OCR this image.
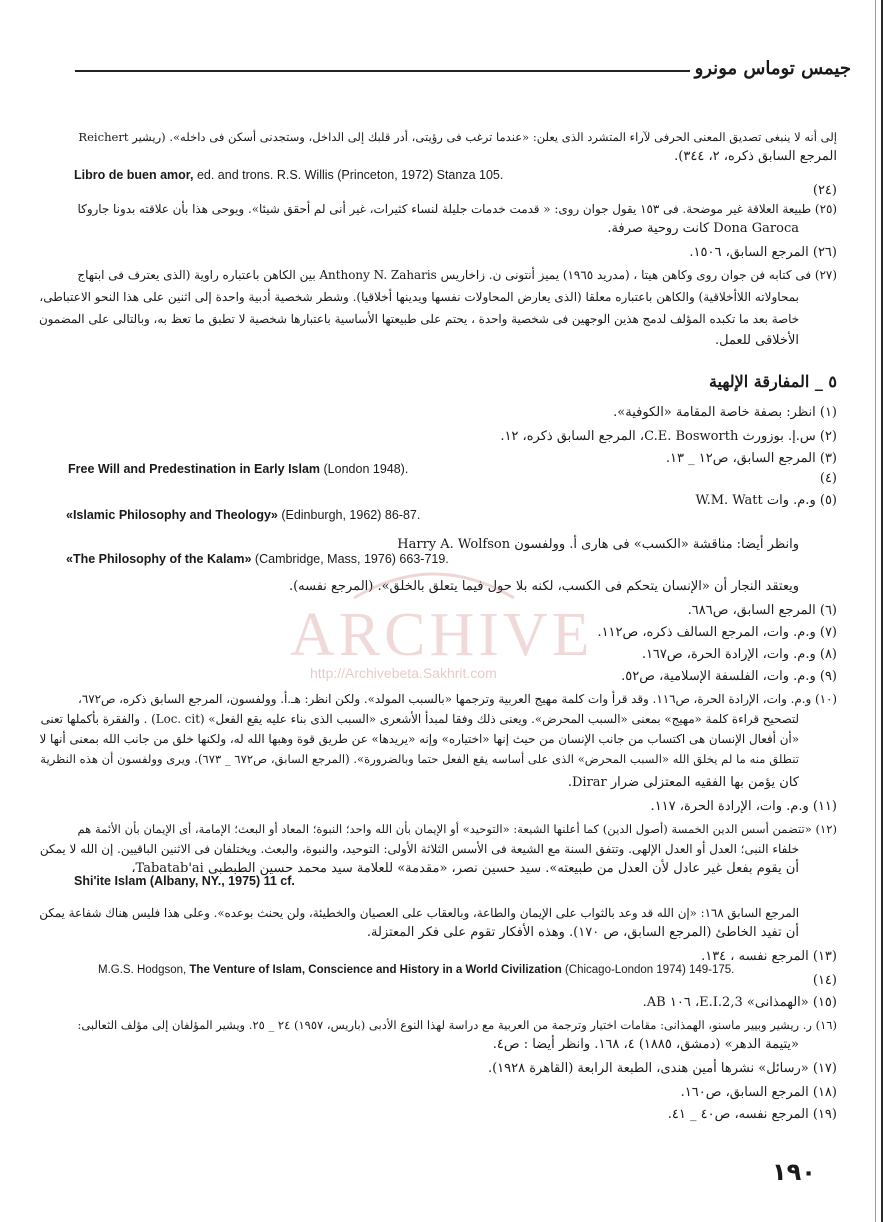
جيمس توماس مونرو
إلى أنه لا ينبغى تصديق المعنى الحرفى لآراء المتشرد الذى يعلن: «عندما ترغب فى رؤيتى، أدر قلبك إلى الداخل، وستجدنى أسكن فى داخله». (ريشير Reichert
المرجع السابق ذكره، ٢، ٣٤٤).
Libro de buen amor, ed. and trons. R.S. Willis (Princeton, 1972) Stanza 105.
(٢٤)
(٢٥) طبيعة العلاقة غير موضحة. فى ١٥٣ يقول جوان روى: « قدمت خدمات جليلة لنساء كثيرات، غير أنى لم أحقق شيئا». ويوحى هذا بأن علاقته بدونا جاروكا
Dona Garoca كانت روحية صرفة.
(٢٦) المرجع السابق، ١٥٠٦.
(٢٧) فى كتابه فن جوان روى وكاهن هيتا ، (مدريد ١٩٦٥) يميز أنتونى ن. زاخاريس Anthony N. Zaharis بين الكاهن باعتباره راوية (الذى يعترف فى ابتهاج
بمحاولاته اللاأخلاقية) والكاهن باعتباره معلقا (الذى يعارض المحاولات نفسها ويدينها أخلاقيا). وشطر شخصية أدبية واحدة إلى اثنين على هذا النحو الاعتباطى،
خاصة بعد ما تكبده المؤلف لدمج هذين الوجهين فى شخصية واحدة ، يحتم على طبيعتها الأساسية باعتبارها شخصية لا تطبق ما تعظ به، وبالتالى على المضمون
الأخلاقى للعمل.
٥ _ المفارقة الإلهية
(١) انظر: بصفة خاصة المقامة «الكوفية».
(٢) س.إ. بوزورث C.E. Bosworth، المرجع السابق ذكره، ١٢.
(٣) المرجع السابق، ص١٢ _ ١٣.
Free Will and Predestination in Early Islam (London 1948).
(٤)
(٥) و.م. وات W.M. Watt
«Islamic Philosophy and Theology» (Edinburgh, 1962) 86-87.
وانظر أيضا: مناقشة «الكسب» فى هارى أ. وولفسون Harry A. Wolfson
«The Philosophy of the Kalam» (Cambridge, Mass, 1976) 663-719.
ويعتقد النجار أن «الإنسان يتحكم فى الكسب، لكنه بلا حول فيما يتعلق بالخلق». (المرجع نفسه).
ARCHIVE
http://Archivebeta.Sakhrit.com
(٦) المرجع السابق، ص٦٨٦.
(٧) و.م. وات، المرجع السالف ذكره، ص١١٢.
(٨) و.م. وات، الإرادة الحرة، ص١٦٧.
(٩) و.م. وات، الفلسفة الإسلامية، ص٥٢.
(١٠) و.م. وات، الإرادة الحرة، ص١١٦. وقد قرأ وات كلمة مهيج العربية وترجمها «بالسبب المولد». ولكن انظر: هـ.أ. وولفسون، المرجع السابق ذكره، ص٦٧٢،
لتصحيح قراءة كلمة «مهيج» بمعنى «السبب المحرض». ويعنى ذلك وفقا لمبدأ الأشعرى «السبب الذى بناء عليه يقع الفعل» (Loc. cit) . والفقرة بأكملها تعنى
«أن أفعال الإنسان هى اكتساب من جانب الإنسان من حيث إنها «اختياره» وإنه «يريدها» عن طريق قوة وهبها الله له، ولكنها خلق من جانب الله بمعنى أنها لا
تنطلق منه ما لم يخلق الله «السبب المحرض» الذى على أساسه يقع الفعل حتما وبالضرورة». (المرجع السابق، ص٦٧٢ _ ٦٧٣). ويرى وولفسون أن هذه النظرية
كان يؤمن بها الفقيه المعتزلى ضرار Dirar.
(١١) و.م. وات، الإرادة الحرة، ١١٧.
(١٢) «تتضمن أسس الدين الخمسة (أصول الدين) كما أعلنها الشيعة: «التوحيد» أو الإيمان بأن الله واحد؛ النبوة؛ المعاد أو البعث؛ الإمامة، أى الإيمان بأن الأئمة هم
خلفاء النبى؛ العدل أو العدل الإلهى. وتتفق السنة مع الشيعة فى الأسس الثلاثة الأولى: التوحيد، والنبوة، والبعث. ويختلفان فى الاثنين الباقيين. إن الله لا يمكن
أن يقوم بفعل غير عادل لأن العدل من طبيعته». سيد حسين نصر، «مقدمة» للعلامة سيد محمد حسين الطبطبى Tabatab'ai،
Shi'ite Islam (Albany, NY., 1975) 11 cf.
المرجع السابق ١٦٨: «إن الله قد وعد بالثواب على الإيمان والطاعة، وبالعقاب على العصيان والخطيئة، ولن يحنث بوعده». وعلى هذا فليس هناك شفاعة يمكن
أن تفيد الخاطئ (المرجع السابق، ص ١٧٠). وهذه الأفكار تقوم على فكر المعتزلة.
(١٣) المرجع نفسه ، ١٣٤.
M.G.S. Hodgson, The Venture of Islam, Conscience and History in a World Civilization (Chicago-London 1974) 149-175.
(١٤)
(١٥) «الهمذانى» E.I.2,3، ١٠٦ AB.
(١٦) ر. ريشير وبيير ماسنو، الهمذانى: مقامات اختيار وترجمة من العربية مع دراسة لهذا النوع الأدبى (باريس، ١٩٥٧) ٢٤ _ ٢٥. ويشير المؤلفان إلى مؤلف الثعالبى:
«يتيمة الدهر» (دمشق، ١٨٨٥) ٤، ١٦٨. وانظر أيضا : ص٤.
(١٧) «رسائل» نشرها أمين هندى، الطبعة الرابعة (القاهرة ١٩٢٨).
(١٨) المرجع السابق، ص١٦٠.
(١٩) المرجع نفسه، ص٤٠ _ ٤١.
١٩٠
